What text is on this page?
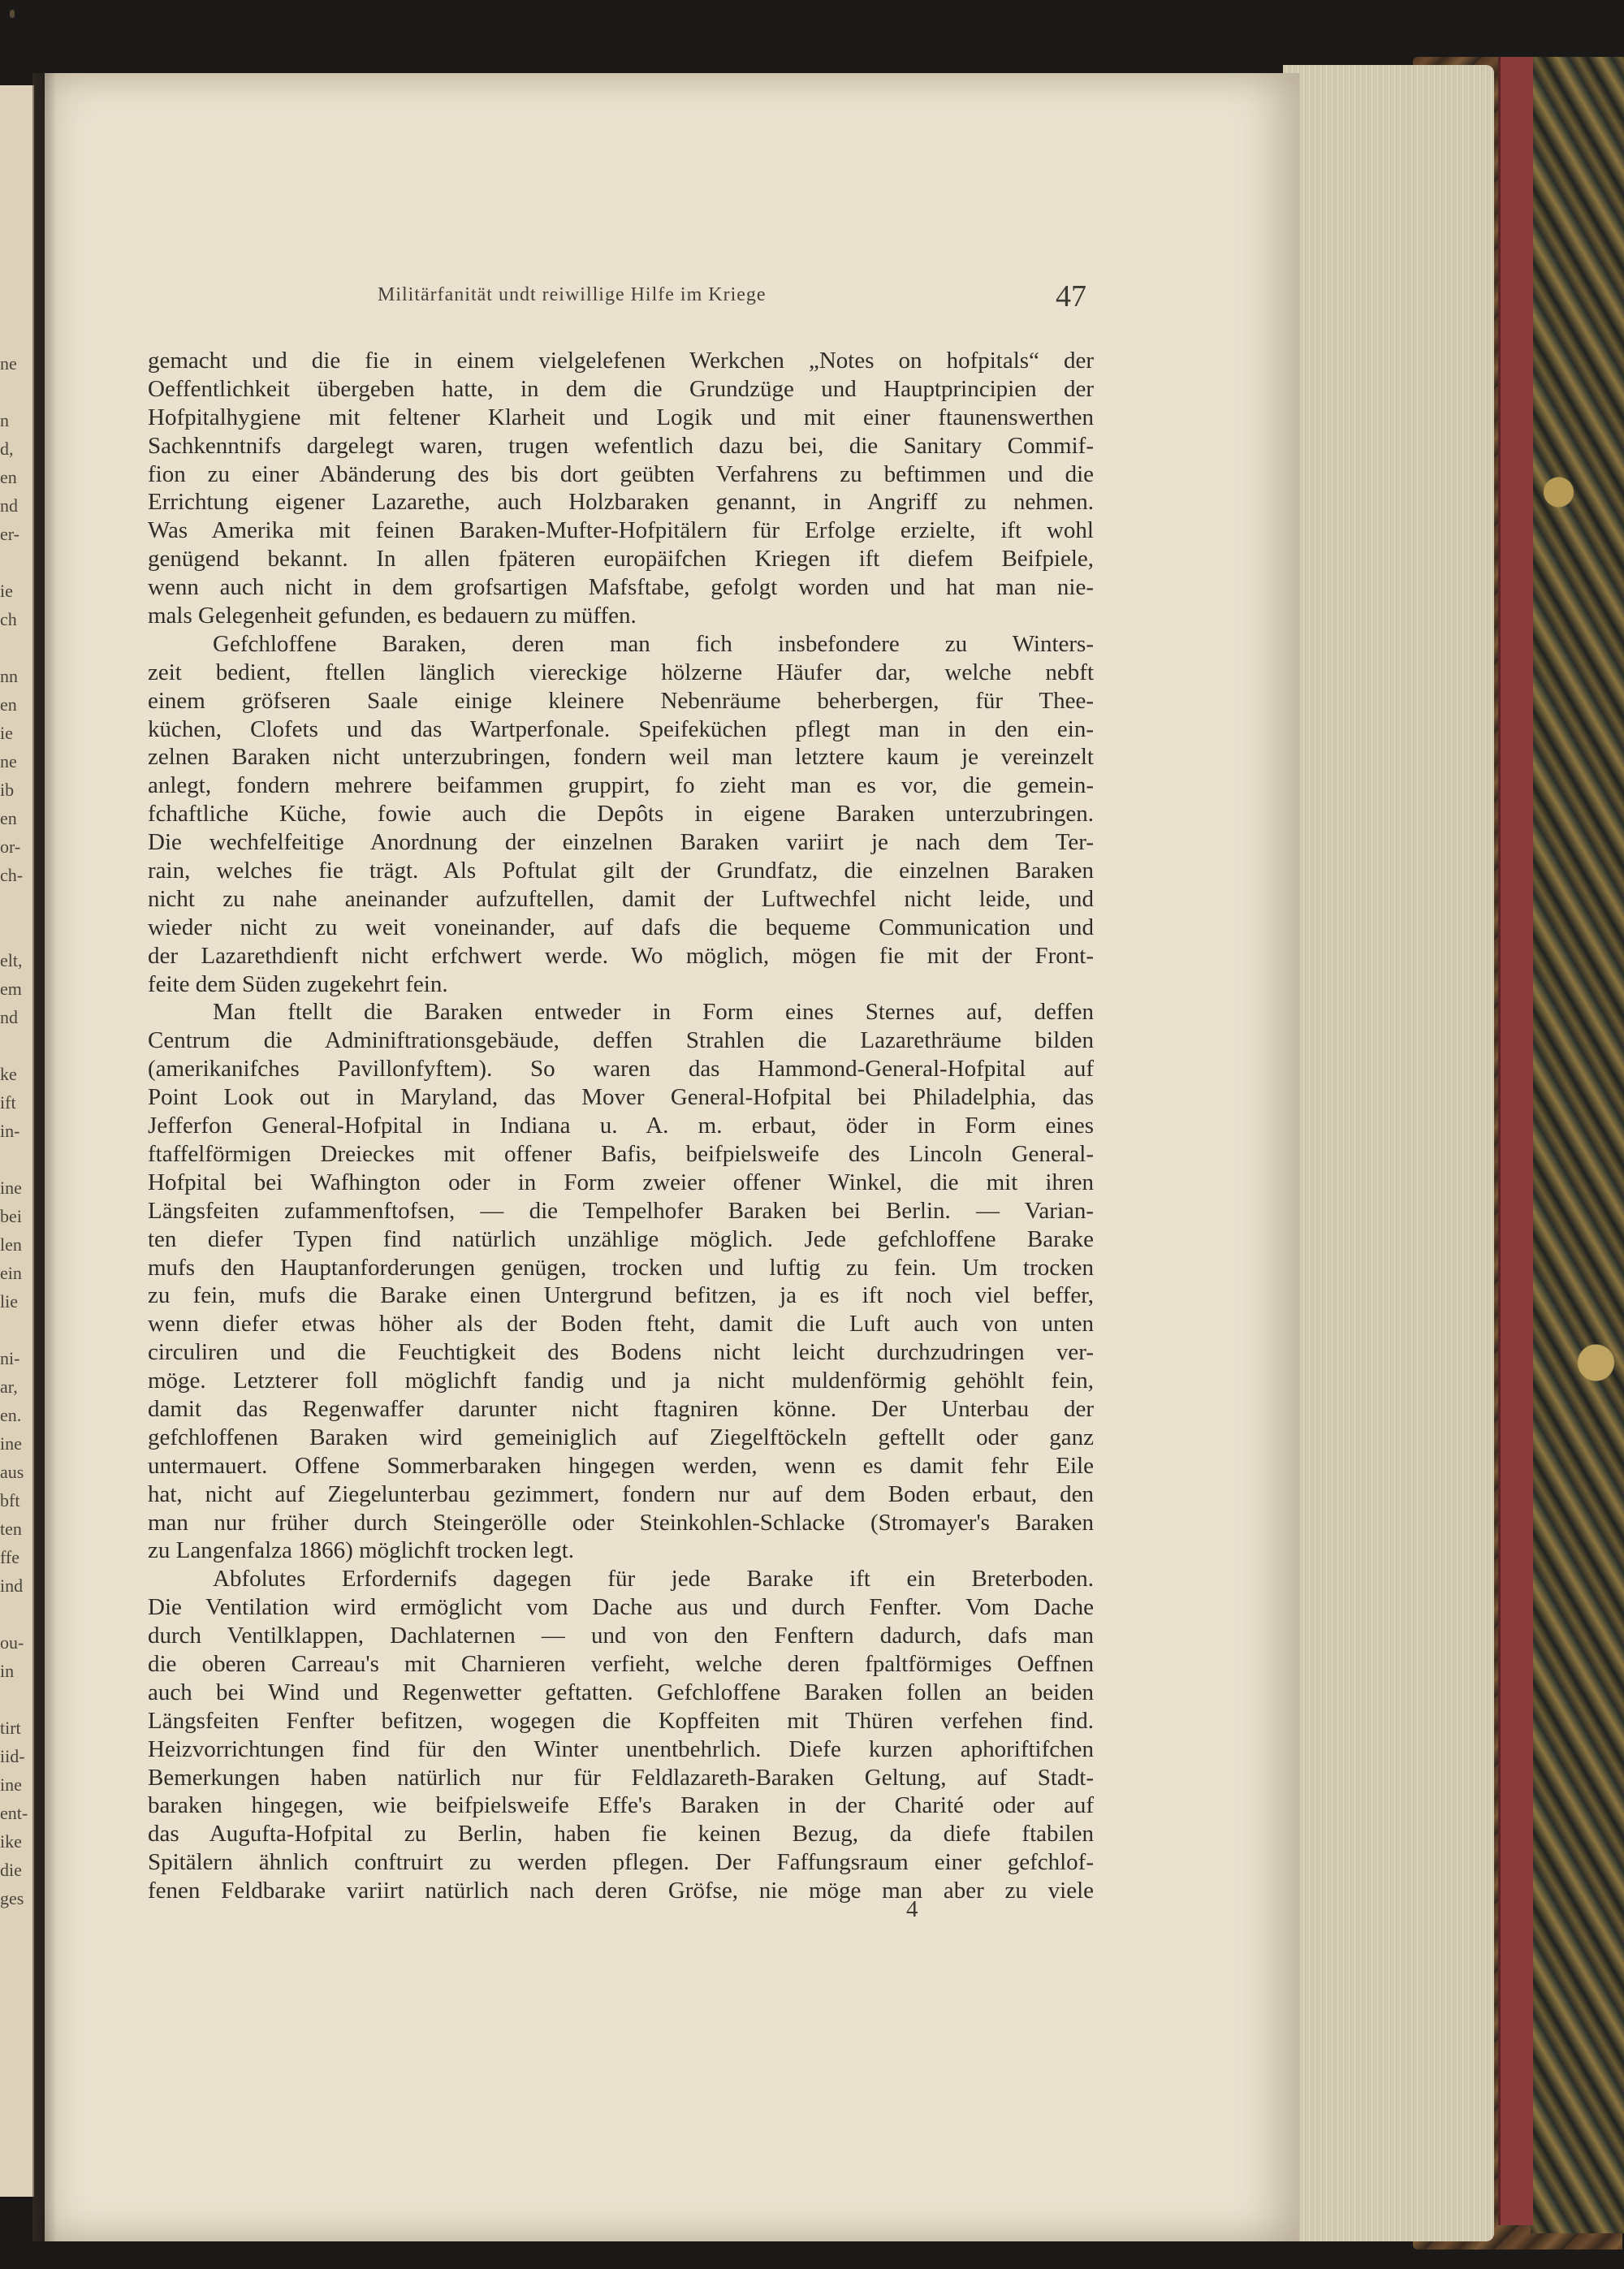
Militärfanität undt reiwillige Hilfe im Kriege	47
gemacht und die fie in einem vielgelefenen Werkchen „Notes on hofpitals“ der
Oeffentlichkeit übergeben hatte, in dem die Grundzüge und Hauptprincipien der
Hofpitalhygiene mit feltener Klarheit und Logik und mit einer ftaunenswerthen
Sachkenntnifs dargelegt waren, trugen wefentlich dazu bei, die Sanitary Commif-
fion zu einer Abänderung des bis dort geübten Verfahrens zu beftimmen und die
Errichtung eigener Lazarethe, auch Holzbaraken genannt, in Angriff zu nehmen.
Was Amerika mit feinen Baraken-Mufter-Hofpitälern für Erfolge erzielte, ift wohl
genügend bekannt. In allen fpäteren europäifchen Kriegen ift diefem Beifpiele,
wenn auch nicht in dem grofsartigen Mafsftabe, gefolgt worden und hat man nie-
mals Gelegenheit gefunden, es bedauern zu müffen.
Gefchloffene Baraken, deren man fich insbefondere zu Winters-
zeit bedient, ftellen länglich viereckige hölzerne Häufer dar, welche nebft
einem gröfseren Saale einige kleinere Nebenräume beherbergen, für Thee-
küchen, Clofets und das Wartperfonale. Speifeküchen pflegt man in den ein-
zelnen Baraken nicht unterzubringen, fondern weil man letztere kaum je vereinzelt
anlegt, fondern mehrere beifammen gruppirt, fo zieht man es vor, die gemein-
fchaftliche Küche, fowie auch die Depôts in eigene Baraken unterzubringen.
Die wechfelfeitige Anordnung der einzelnen Baraken variirt je nach dem Ter-
rain, welches fie trägt. Als Poftulat gilt der Grundfatz, die einzelnen Baraken
nicht zu nahe aneinander aufzuftellen, damit der Luftwechfel nicht leide, und
wieder nicht zu weit voneinander, auf dafs die bequeme Communication und
der Lazarethdienft nicht erfchwert werde. Wo möglich, mögen fie mit der Front-
feite dem Süden zugekehrt fein.
Man ftellt die Baraken entweder in Form eines Sternes auf, deffen
Centrum die Adminiftrationsgebäude, deffen Strahlen die Lazarethräume bilden
(amerikanifches Pavillonfyftem). So waren das Hammond-General-Hofpital auf
Point Look out in Maryland, das Mover General-Hofpital bei Philadelphia, das
Jefferfon General-Hofpital in Indiana u. A. m. erbaut, öder in Form eines
ftaffelförmigen Dreieckes mit offener Bafis, beifpielsweife des Lincoln General-
Hofpital bei Wafhington oder in Form zweier offener Winkel, die mit ihren
Längsfeiten zufammenftofsen, — die Tempelhofer Baraken bei Berlin. — Varian-
ten diefer Typen find natürlich unzählige möglich. Jede gefchloffene Barake
mufs den Hauptanforderungen genügen, trocken und luftig zu fein. Um trocken
zu fein, mufs die Barake einen Untergrund befitzen, ja es ift noch viel beffer,
wenn diefer etwas höher als der Boden fteht, damit die Luft auch von unten
circuliren und die Feuchtigkeit des Bodens nicht leicht durchzudringen ver-
möge. Letzterer foll möglichft fandig und ja nicht muldenförmig gehöhlt fein,
damit das Regenwaffer darunter nicht ftagniren könne. Der Unterbau der
gefchloffenen Baraken wird gemeiniglich auf Ziegelftöckeln geftellt oder ganz
untermauert. Offene Sommerbaraken hingegen werden, wenn es damit fehr Eile
hat, nicht auf Ziegelunterbau gezimmert, fondern nur auf dem Boden erbaut, den
man nur früher durch Steingerölle oder Steinkohlen-Schlacke (Stromayer's Baraken
zu Langenfalza 1866) möglichft trocken legt.
Abfolutes Erfordernifs dagegen für jede Barake ift ein Breterboden.
Die Ventilation wird ermöglicht vom Dache aus und durch Fenfter. Vom Dache
durch Ventilklappen, Dachlaternen — und von den Fenftern dadurch, dafs man
die oberen Carreau's mit Charnieren verfieht, welche deren fpaltförmiges Oeffnen
auch bei Wind und Regenwetter geftatten. Gefchloffene Baraken follen an beiden
Längsfeiten Fenfter befitzen, wogegen die Kopffeiten mit Thüren verfehen find.
Heizvorrichtungen find für den Winter unentbehrlich. Diefe kurzen aphoriftifchen
Bemerkungen haben natürlich nur für Feldlazareth-Baraken Geltung, auf Stadt-
baraken hingegen, wie beifpielsweife Effe's Baraken in der Charité oder auf
das Augufta-Hofpital zu Berlin, haben fie keinen Bezug, da diefe ftabilen
Spitälern ähnlich conftruirt zu werden pflegen. Der Faffungsraum einer gefchlof-
fenen Feldbarake variirt natürlich nach deren Gröfse, nie möge man aber zu viele
4
ne
n
d,
en
nd
er-
ie
ch
nn
en
ie
ne
ib
en
or-
ch-
elt,
em
nd
ke
ift
in-
ine
bei
len
ein
lie
ni-
ar,
en.
ine
aus
bft
ten
ffe
ind
ou-
in
tirt
iid-
ine
ent-
ike
die
ges
